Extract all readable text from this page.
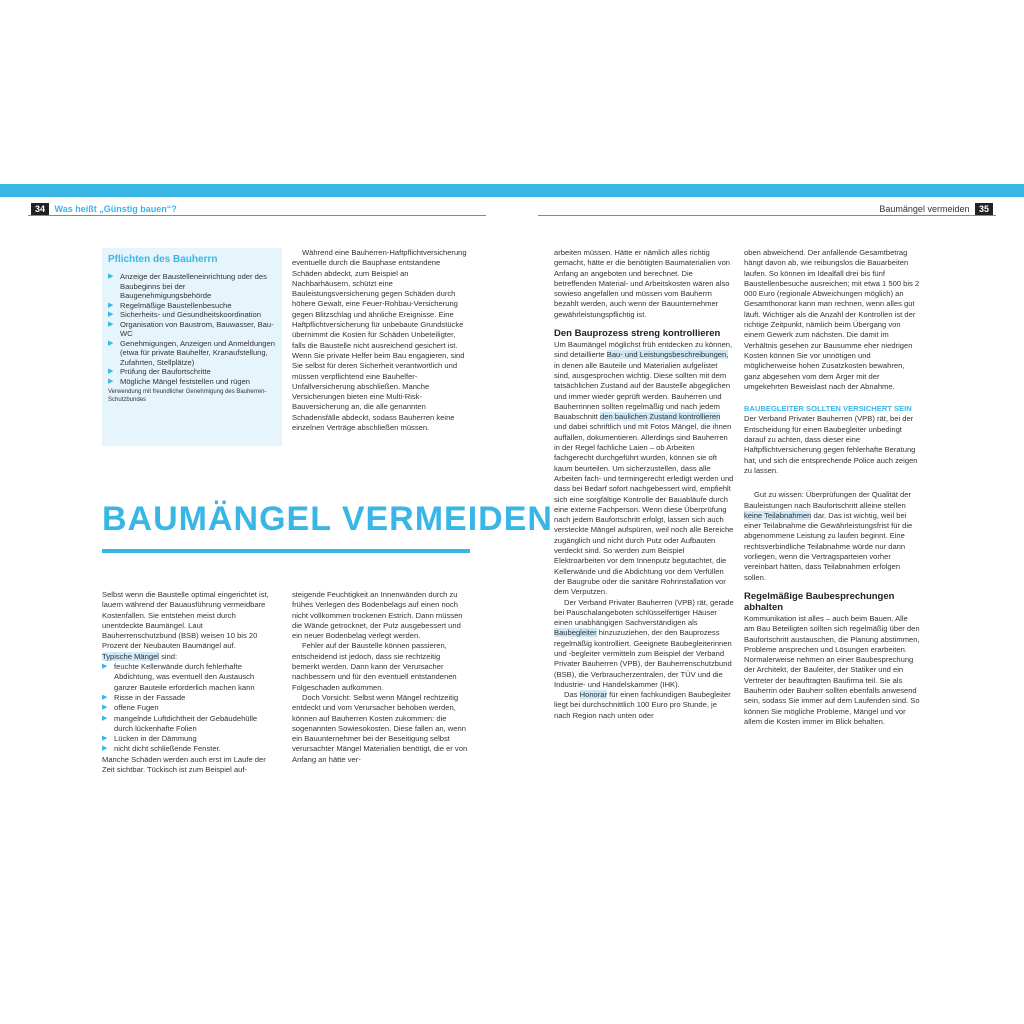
34 Was heißt „Günstig bauen“?	Baumängel vermeiden 35
Pflichten des Bauherrn
▶ Anzeige der Baustelleneinrichtung oder des Baubeginns bei der Baugenehmigungsbehörde
▶ Regelmäßige Baustellenbesuche
▶ Sicherheits- und Gesundheitskoordination
▶ Organisation von Baustrom, Bauwasser, Bau-WC
▶ Genehmigungen, Anzeigen und Anmeldungen (etwa für private Bauhelfer, Kranaufstellung, Zufahrten, Stellplätze)
▶ Prüfung der Baufortschritte
▶ Mögliche Mängel feststellen und rügen
Verwendung mit freundlicher Genehmigung des Bauherren-Schutzbundes

Während eine Bauherren-Haftpflichtversicherung eventuelle durch die Bauphase entstandene Schäden abdeckt, zum Beispiel an Nachbarhäusern, schützt eine Bauleistungsversicherung gegen Schäden durch höhere Gewalt, eine Feuer-Rohbau-Versicherung gegen Blitzschlag und ähnliche Ereignisse. Eine Haftpflichtversicherung für unbebaute Grundstücke übernimmt die Kosten für Schäden Unbeteiligter, falls die Baustelle nicht ausreichend gesichert ist. Wenn Sie private Helfer beim Bau engagieren, sind Sie selbst für deren Sicherheit verantwortlich und müssen verpflichtend eine Bauhelfer-Unfallversicherung abschließen. Manche Versicherungen bieten eine Multi-Risk-Bauversicherung an, die alle genannten Schadensfälle abdeckt, sodass Bauherren keine einzelnen Verträge abschließen müssen.

BAUMÄNGEL VERMEIDEN

Selbst wenn die Baustelle optimal eingerichtet ist, lauern während der Bauausführung vermeidbare Kostenfallen. Sie entstehen meist durch unentdeckte Baumängel. Laut Bauherrenschutzbund (BSB) weisen 10 bis 20 Prozent der Neubauten Baumängel auf.

Typische Mängel sind:

▶ feuchte Kellerwände durch fehlerhafte Abdichtung, was eventuell den Austausch ganzer Bauteile erforderlich machen kann
▶ Risse in der Fassade
▶ offene Fugen
▶ mangelnde Luftdichtheit der Gebäudehülle durch lückenhafte Folien
▶ Lücken in der Dämmung
▶ nicht dicht schließende Fenster.

Manche Schäden werden auch erst im Laufe der Zeit sichtbar. Tückisch ist zum Beispiel auf-

steigende Feuchtigkeit an Innenwänden durch zu frühes Verlegen des Bodenbelags auf einen noch nicht vollkommen trockenen Estrich. Dann müssen die Wände getrocknet, der Putz ausgebessert und ein neuer Bodenbelag verlegt werden.

Fehler auf der Baustelle können passieren, entscheidend ist jedoch, dass sie rechtzeitig bemerkt werden. Dann kann der Verursacher nachbessern und für den eventuell entstandenen Folgeschaden aufkommen.

Doch Vorsicht: Selbst wenn Mängel rechtzeitig entdeckt und vom Verursacher behoben werden, können auf Bauherren Kosten zukommen: die sogenannten Sowiesokosten. Diese fallen an, wenn ein Bauunternehmer bei der Beseitigung selbst verursachter Mängel Materialien benötigt, die er von Anfang an hätte ver-

arbeiten müssen. Hätte er nämlich alles richtig gemacht, hätte er die benötigten Baumaterialien von Anfang an angeboten und berechnet. Die betreffenden Material- und Arbeitskosten wären also sowieso angefallen und müssen vom Bauherrn bezahlt werden, auch wenn der Bauunternehmer gewährleistungspflichtig ist.

Den Bauprozess streng kontrollieren

Um Baumängel möglichst früh entdecken zu können, sind detaillierte Bau- und Leistungsbeschreibungen, in denen alle Bauteile und Materialien aufgelistet sind, ausgesprochen wichtig. Diese sollten mit dem tatsächlichen Zustand auf der Baustelle abgeglichen und immer wieder geprüft werden. Bauherren und Bauherrinnen sollten regelmäßig und nach jedem Bauabschnitt den baulichen Zustand kontrollieren und dabei schriftlich und mit Fotos Mängel, die ihnen auffallen, dokumentieren. Allerdings sind Bauherren in der Regel fachliche Laien – ob Arbeiten fachgerecht durchgeführt wurden, können sie oft kaum beurteilen. Um sicherzustellen, dass alle Arbeiten fach- und termingerecht erledigt werden und dass bei Bedarf sofort nachgebessert wird, empfiehlt sich eine sorgfältige Kontrolle der Bauabläufe durch eine externe Fachperson. Wenn diese Überprüfung nach jedem Baufortschritt erfolgt, lassen sich auch versteckte Mängel aufspüren, weil noch alle Bereiche zugänglich und nicht durch Putz oder Aufbauten verdeckt sind. So werden zum Beispiel Elektroarbeiten vor dem Innenputz begutachtet, die Kellerwände und die Abdichtung vor dem Verfüllen der Baugrube oder die sanitäre Rohrinstallation vor dem Verputzen.

Der Verband Privater Bauherren (VPB) rät, gerade bei Pauschalangeboten schlüsselfertiger Häuser einen unabhängigen Sachverständigen als Baubegleiter hinzuzuziehen, der den Bauprozess regelmäßig kontrolliert. Geeignete Baubegleiterinnen und -begleiter vermitteln zum Beispiel der Verband Privater Bauherren (VPB), der Bauherrenschutzbund (BSB), die Verbraucherzentralen, der TÜV und die Industrie- und Handelskammer (IHK).

Das Honorar für einen fachkundigen Baubegleiter liegt bei durchschnittlich 100 Euro pro Stunde, je nach Region nach unten oder

oben abweichend. Der anfallende Gesamtbetrag hängt davon ab, wie reibungslos die Bauarbeiten laufen. So können im Idealfall drei bis fünf Baustellenbesuche ausreichen; mit etwa 1 500 bis 2 000 Euro (regionale Abweichungen möglich) an Gesamthonorar kann man rechnen, wenn alles gut läuft. Wichtiger als die Anzahl der Kontrollen ist der richtige Zeitpunkt, nämlich beim Übergang von einem Gewerk zum nächsten. Die damit im Verhältnis gesehen zur Bausumme eher niedrigen Kosten können Sie vor unnötigen und möglicherweise hohen Zusatzkosten bewahren, ganz abgesehen vom dem Ärger mit der umgekehrten Beweislast nach der Abnahme.

BAUBEGLEITER SOLLTEN VERSICHERT SEIN

Der Verband Privater Bauherren (VPB) rät, bei der Entscheidung für einen Baubegleiter unbedingt darauf zu achten, dass dieser eine Haftpflichtversicherung gegen fehlerhafte Beratung hat, und sich die entsprechende Police auch zeigen zu lassen.

Gut zu wissen: Überprüfungen der Qualität der Bauleistungen nach Baufortschritt alleine stellen keine Teilabnahmen dar. Das ist wichtig, weil bei einer Teilabnahme die Gewährleistungsfrist für die abgenommene Leistung zu laufen beginnt. Eine rechtsverbindliche Teilabnahme würde nur dann vorliegen, wenn die Vertragsparteien vorher vereinbart hätten, dass Teilabnahmen erfolgen sollen.

Regelmäßige Baubesprechungen abhalten

Kommunikation ist alles – auch beim Bauen. Alle am Bau Beteiligten sollten sich regelmäßig über den Baufortschritt austauschen, die Planung abstimmen, Probleme ansprechen und Lösungen erarbeiten. Normalerweise nehmen an einer Baubesprechung der Architekt, der Bauleiter, der Statiker und ein Vertreter der beauftragten Baufirma teil. Sie als Bauherrin oder Bauherr sollten ebenfalls anwesend sein, sodass Sie immer auf dem Laufenden sind. So können Sie mögliche Probleme, Mängel und vor allem die Kosten immer im Blick behalten.
